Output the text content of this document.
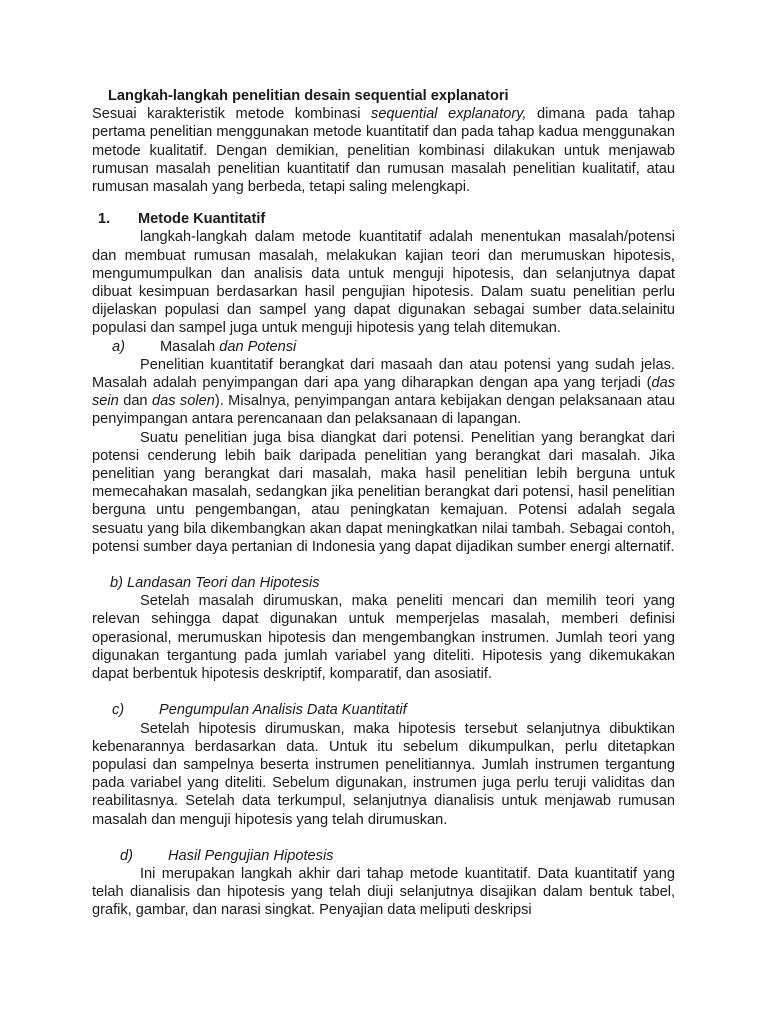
Langkah-langkah penelitian desain sequential explanatori

Sesuai karakteristik metode kombinasi sequential explanatory, dimana pada tahap pertama penelitian menggunakan metode kuantitatif dan pada tahap kadua menggunakan metode kualitatif. Dengan demikian, penelitian kombinasi dilakukan untuk menjawab rumusan masalah penelitian kuantitatif dan rumusan masalah penelitian kualitatif, atau rumusan masalah yang berbeda, tetapi saling melengkapi.

1.	Metode Kuantitatif

langkah-langkah dalam metode kuantitatif adalah menentukan masalah/potensi dan membuat rumusan masalah, melakukan kajian teori dan merumuskan hipotesis, mengumumpulkan dan analisis data untuk menguji hipotesis, dan selanjutnya dapat dibuat kesimpuan berdasarkan hasil pengujian hipotesis. Dalam suatu penelitian perlu dijelaskan populasi dan sampel yang dapat digunakan sebagai sumber data.selainitu populasi dan sampel juga untuk menguji hipotesis yang telah ditemukan.

a)	Masalah dan Potensi

Penelitian kuantitatif berangkat dari masaah dan atau potensi yang sudah jelas. Masalah adalah penyimpangan dari apa yang diharapkan dengan apa yang terjadi (das sein dan das solen). Misalnya, penyimpangan antara kebijakan dengan pelaksanaan atau penyimpangan antara perencanaan dan pelaksanaan di lapangan.

Suatu penelitian juga bisa diangkat dari potensi. Penelitian yang berangkat dari potensi cenderung lebih baik daripada penelitian yang berangkat dari masalah. Jika penelitian yang berangkat dari masalah, maka hasil penelitian lebih berguna untuk memecahakan masalah, sedangkan jika penelitian berangkat dari potensi, hasil penelitian berguna untu pengembangan, atau peningkatan kemajuan. Potensi adalah segala sesuatu yang bila dikembangkan akan dapat meningkatkan nilai tambah. Sebagai contoh, potensi sumber daya pertanian di Indonesia yang dapat dijadikan sumber energi alternatif.

b) Landasan Teori dan Hipotesis

Setelah masalah dirumuskan, maka peneliti mencari dan memilih teori yang relevan sehingga dapat digunakan untuk memperjelas masalah, memberi definisi operasional, merumuskan hipotesis dan mengembangkan instrumen. Jumlah teori yang digunakan tergantung pada jumlah variabel yang diteliti. Hipotesis yang dikemukakan dapat berbentuk hipotesis deskriptif, komparatif, dan asosiatif.

c)	Pengumpulan Analisis Data Kuantitatif

Setelah hipotesis dirumuskan, maka hipotesis tersebut selanjutnya dibuktikan kebenarannya berdasarkan data. Untuk itu sebelum dikumpulkan, perlu ditetapkan populasi dan sampelnya beserta instrumen penelitiannya. Jumlah instrumen tergantung pada variabel yang diteliti. Sebelum digunakan, instrumen juga perlu teruji validitas dan reabilitasnya. Setelah data terkumpul, selanjutnya dianalisis untuk menjawab rumusan masalah dan menguji hipotesis yang telah dirumuskan.

d)	Hasil Pengujian Hipotesis

Ini merupakan langkah akhir dari tahap metode kuantitatif. Data kuantitatif yang telah dianalisis dan hipotesis yang telah diuji selanjutnya disajikan dalam bentuk tabel, grafik, gambar, dan narasi singkat. Penyajian data meliputi deskripsi
